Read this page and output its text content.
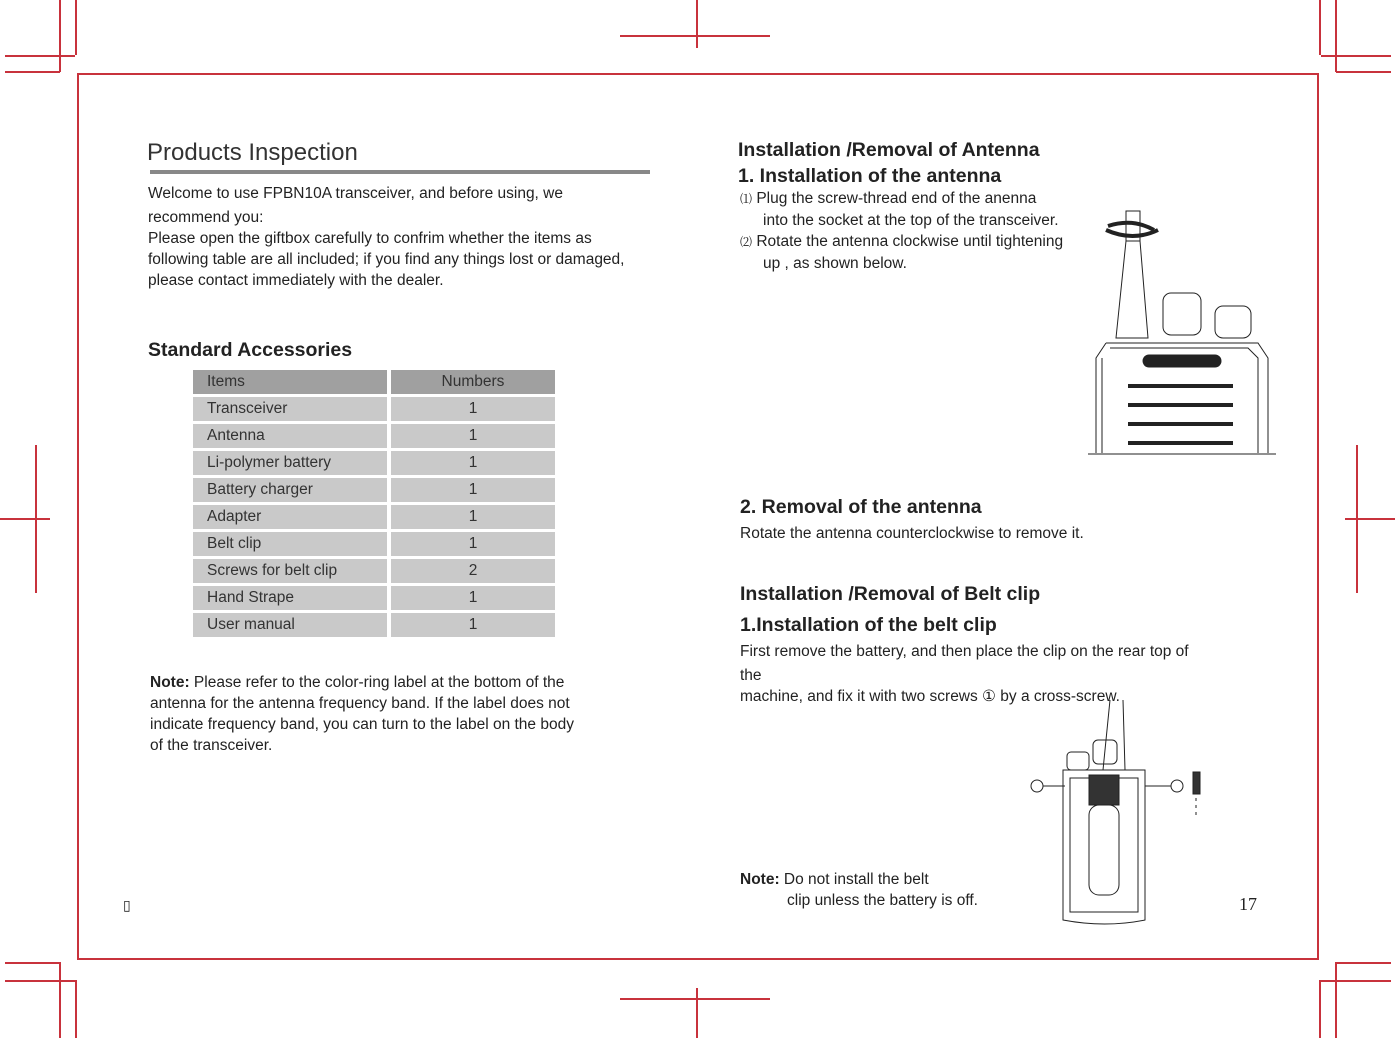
Products Inspection
Welcome to use FPBN10A transceiver, and before using, we
recommend you:
Please open the giftbox carefully to confrim whether the items as
following table are all included; if you find any things lost or damaged,
please contact immediately with the dealer.
Standard Accessories
Items	Numbers
Transceiver	1
Antenna	1
Li-polymer battery	1
Battery charger	1
Adapter	1
Belt clip	1
Screws for belt clip	2
Hand Strape	1
User manual	1
Note: Please refer to the color-ring label at the bottom of the
antenna for the antenna frequency band. If the label does not
indicate frequency band, you can turn to the label on the body
of the transceiver.
▯
Installation /Removal of Antenna
1. Installation of the antenna
⑴ Plug the screw-thread end of the anenna
into the socket at the top of the transceiver.
⑵ Rotate the antenna clockwise until tightening
up , as shown below.
2. Removal of the antenna
Rotate the antenna counterclockwise to remove it.
Installation /Removal of Belt clip
1.Installation of the belt clip
First remove the battery, and then place the clip on the rear top of
the
machine, and fix it with two screws ① by a cross-screw.
Note: Do not install the belt
clip unless the battery is off.	17
